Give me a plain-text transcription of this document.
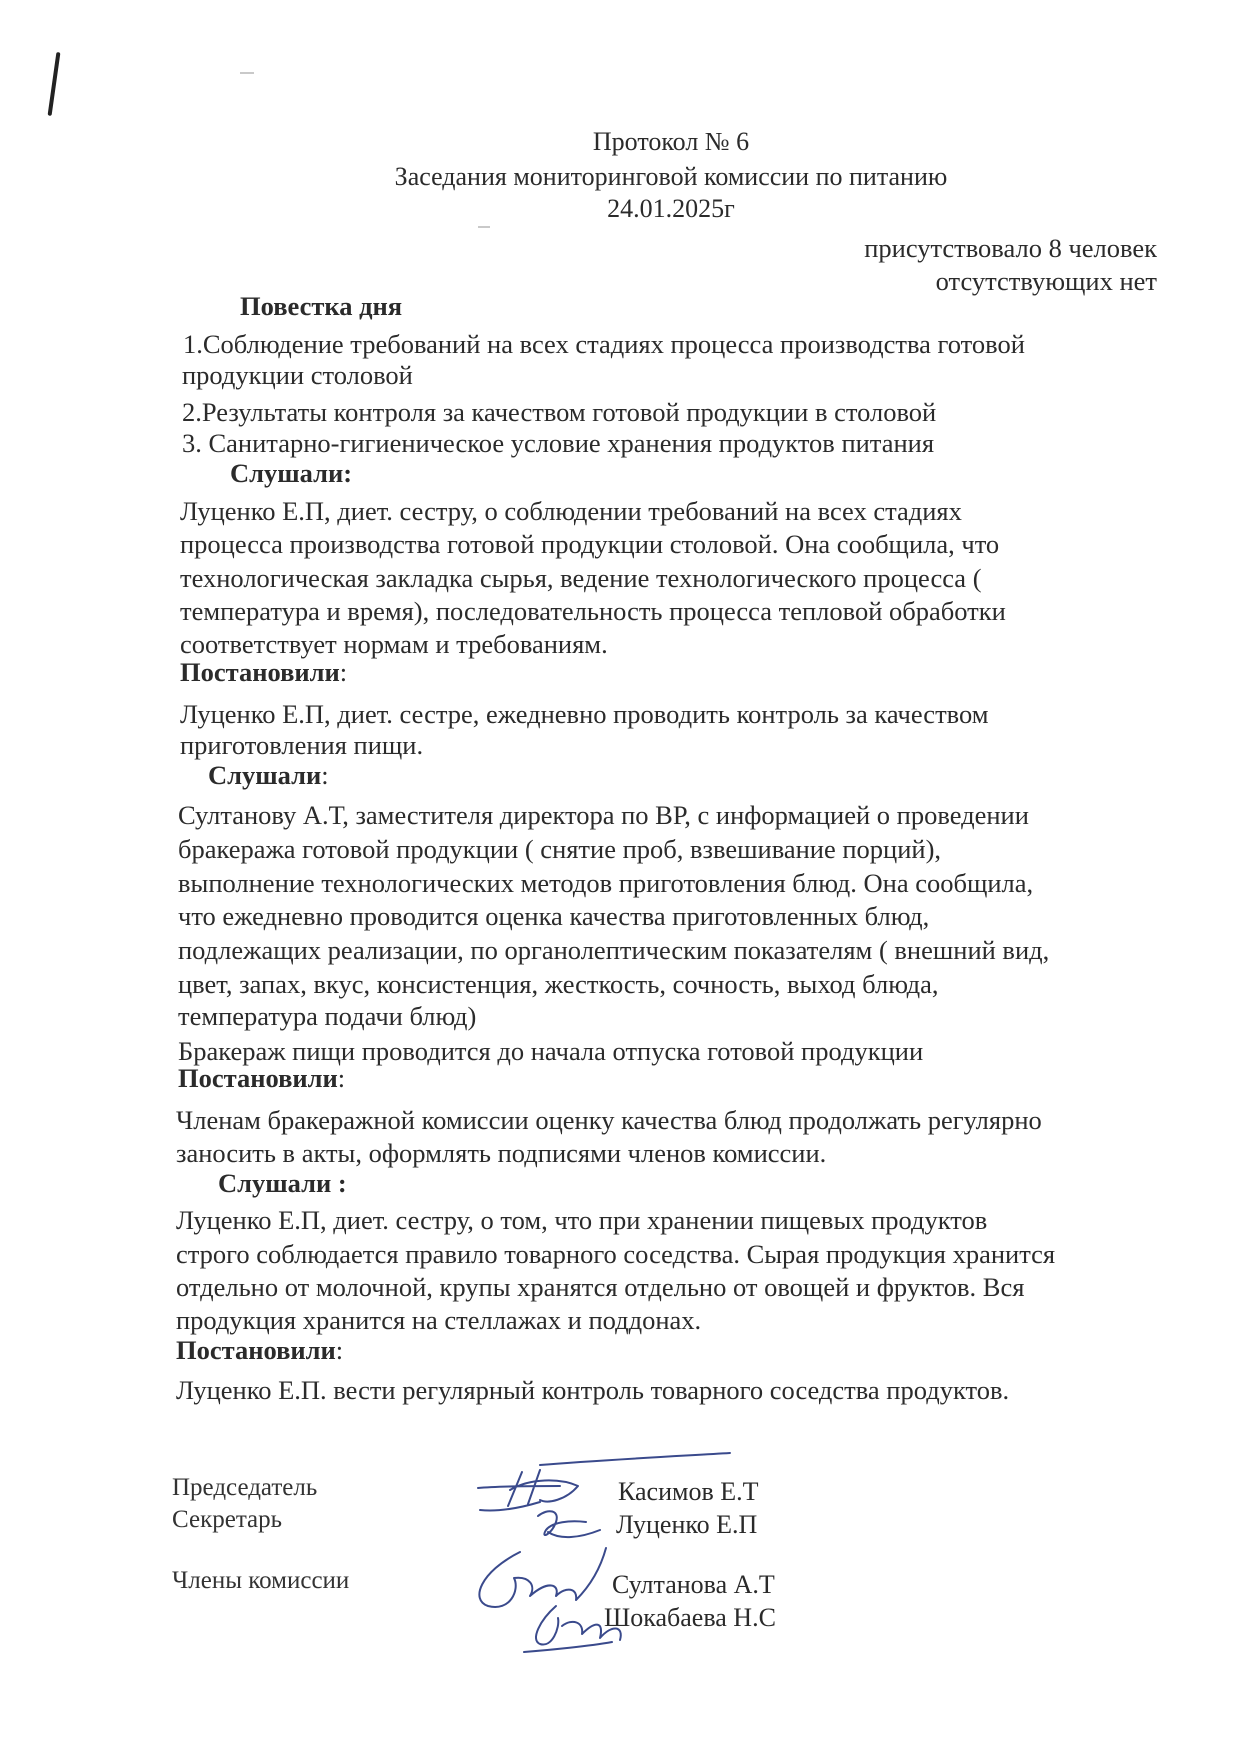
Протокол № 6
Заседания мониторинговой комиссии по питанию
24.01.2025г
присутствовало 8 человек
отсутствующих нет
Повестка дня
1.Соблюдение требований на всех стадиях процесса производства готовой
продукции столовой
2.Результаты контроля за качеством готовой продукции в столовой
3. Санитарно-гигиеническое условие хранения продуктов питания
Слушали:
Луценко Е.П, диет. сестру, о соблюдении требований на всех стадиях
процесса производства готовой продукции столовой. Она сообщила, что
технологическая закладка сырья, ведение технологического процесса (
температура и время), последовательность процесса тепловой обработки
соответствует нормам и требованиям.
Постановили:
Луценко Е.П, диет. сестре, ежедневно проводить контроль за качеством
приготовления пищи.
Слушали:
Султанову А.Т, заместителя директора по ВР, с информацией о проведении
бракеража готовой продукции ( снятие проб, взвешивание порций),
выполнение технологических методов приготовления блюд. Она сообщила,
что ежедневно проводится оценка качества приготовленных блюд,
подлежащих реализации, по органолептическим показателям ( внешний вид,
цвет, запах, вкус, консистенция, жесткость, сочность, выход блюда,
температура подачи блюд)
Бракераж пищи проводится до начала отпуска готовой продукции
Постановили:
Членам бракеражной комиссии оценку качества блюд продолжать регулярно
заносить в акты, оформлять подписями членов комиссии.
Слушали :
Луценко Е.П, диет. сестру, о том, что при хранении пищевых продуктов
строго соблюдается правило товарного соседства. Сырая продукция хранится
отдельно от молочной, крупы хранятся отдельно от овощей и фруктов. Вся
продукция хранится на стеллажах и поддонах.
Постановили:
Луценко Е.П. вести регулярный контроль товарного соседства продуктов.
Председатель
Секретарь
Члены комиссии
Касимов Е.Т
Луценко Е.П
Султанова А.Т
Шокабаева Н.С
